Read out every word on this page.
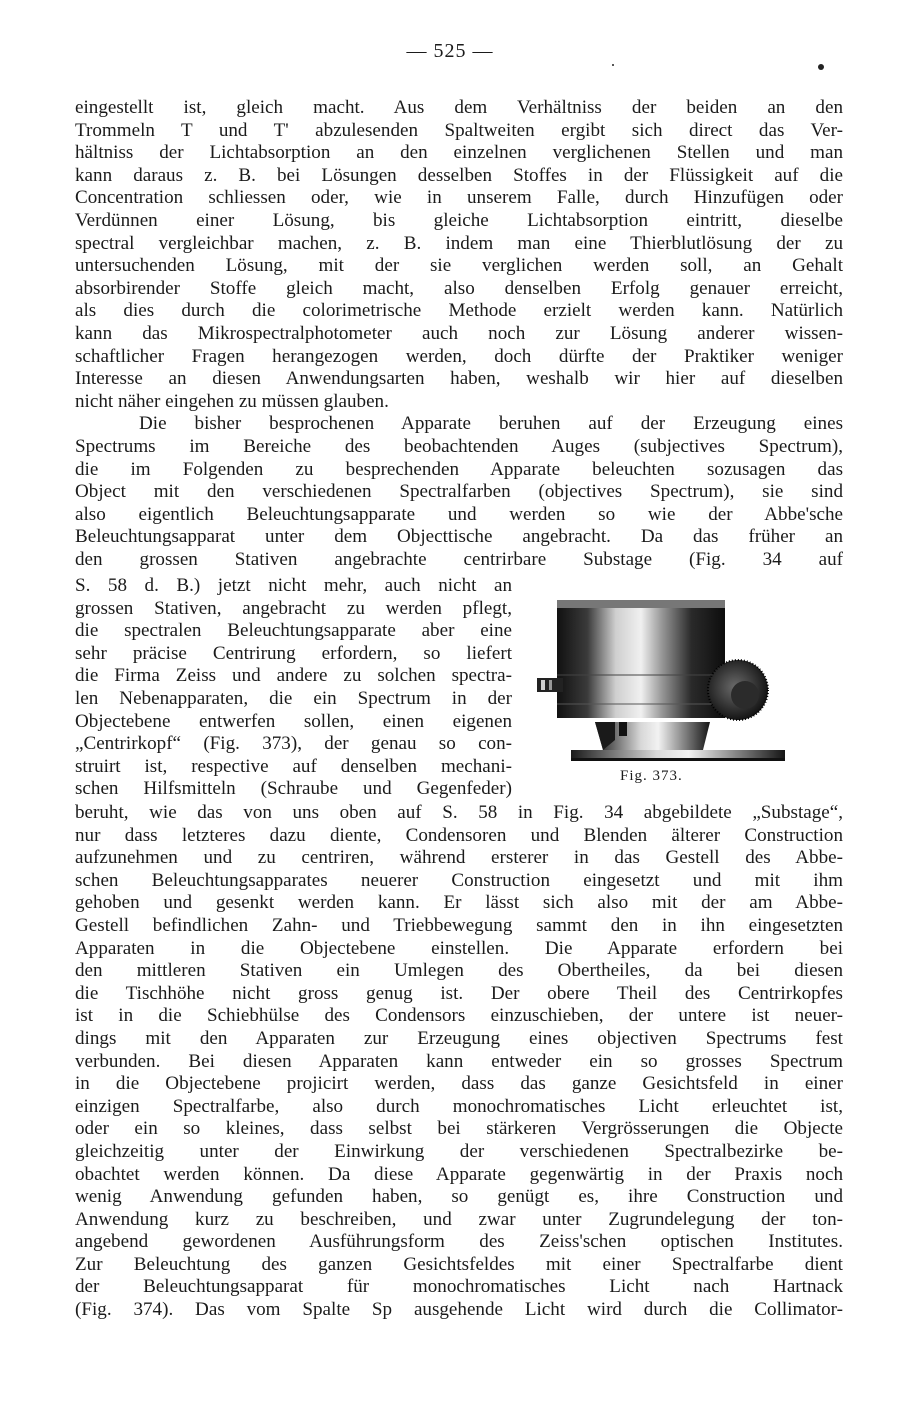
— 525 —
eingestellt ist, gleich macht. Aus dem Verhältniss der beiden an den
Trommeln T und T' abzulesenden Spaltweiten ergibt sich direct das Ver-
hältniss der Lichtabsorption an den einzelnen verglichenen Stellen und man
kann daraus z. B. bei Lösungen desselben Stoffes in der Flüssigkeit auf die
Concentration schliessen oder, wie in unserem Falle, durch Hinzufügen oder
Verdünnen einer Lösung, bis gleiche Lichtabsorption eintritt, dieselbe
spectral vergleichbar machen, z. B. indem man eine Thierblutlösung der zu
untersuchenden Lösung, mit der sie verglichen werden soll, an Gehalt
absorbirender Stoffe gleich macht, also denselben Erfolg genauer erreicht,
als dies durch die colorimetrische Methode erzielt werden kann. Natürlich
kann das Mikrospectralphotometer auch noch zur Lösung anderer wissen-
schaftlicher Fragen herangezogen werden, doch dürfte der Praktiker weniger
Interesse an diesen Anwendungsarten haben, weshalb wir hier auf dieselben
nicht näher eingehen zu müssen glauben.
Die bisher besprochenen Apparate beruhen auf der Erzeugung eines
Spectrums im Bereiche des beobachtenden Auges (subjectives Spectrum),
die im Folgenden zu besprechenden Apparate beleuchten sozusagen das
Object mit den verschiedenen Spectralfarben (objectives Spectrum), sie sind
also eigentlich Beleuchtungsapparate und werden so wie der Abbe'sche
Beleuchtungsapparat unter dem Objecttische angebracht. Da das früher an
den grossen Stativen angebrachte centrirbare Substage (Fig. 34 auf
S. 58 d. B.) jetzt nicht mehr, auch nicht an
grossen Stativen, angebracht zu werden pflegt,
die spectralen Beleuchtungsapparate aber eine
sehr präcise Centrirung erfordern, so liefert
die Firma Zeiss und andere zu solchen spectra-
len Nebenapparaten, die ein Spectrum in der
Objectebene entwerfen sollen, einen eigenen
„Centrirkopf“ (Fig. 373), der genau so con-
struirt ist, respective auf denselben mechani-
schen Hilfsmitteln (Schraube und Gegenfeder)
Fig. 373.
beruht, wie das von uns oben auf S. 58 in Fig. 34 abgebildete „Substage“,
nur dass letzteres dazu diente, Condensoren und Blenden älterer Construction
aufzunehmen und zu centriren, während ersterer in das Gestell des Abbe-
schen Beleuchtungsapparates neuerer Construction eingesetzt und mit ihm
gehoben und gesenkt werden kann. Er lässt sich also mit der am Abbe-
Gestell befindlichen Zahn- und Triebbewegung sammt den in ihn eingesetzten
Apparaten in die Objectebene einstellen. Die Apparate erfordern bei
den mittleren Stativen ein Umlegen des Obertheiles, da bei diesen
die Tischhöhe nicht gross genug ist. Der obere Theil des Centrirkopfes
ist in die Schiebhülse des Condensors einzuschieben, der untere ist neuer-
dings mit den Apparaten zur Erzeugung eines objectiven Spectrums fest
verbunden. Bei diesen Apparaten kann entweder ein so grosses Spectrum
in die Objectebene projicirt werden, dass das ganze Gesichtsfeld in einer
einzigen Spectralfarbe, also durch monochromatisches Licht erleuchtet ist,
oder ein so kleines, dass selbst bei stärkeren Vergrösserungen die Objecte
gleichzeitig unter der Einwirkung der verschiedenen Spectralbezirke be-
obachtet werden können. Da diese Apparate gegenwärtig in der Praxis noch
wenig Anwendung gefunden haben, so genügt es, ihre Construction und
Anwendung kurz zu beschreiben, und zwar unter Zugrundelegung der ton-
angebend gewordenen Ausführungsform des Zeiss'schen optischen Institutes.
Zur Beleuchtung des ganzen Gesichtsfeldes mit einer Spectralfarbe dient
der Beleuchtungsapparat für monochromatisches Licht nach Hartnack
(Fig. 374). Das vom Spalte Sp ausgehende Licht wird durch die Collimator-
